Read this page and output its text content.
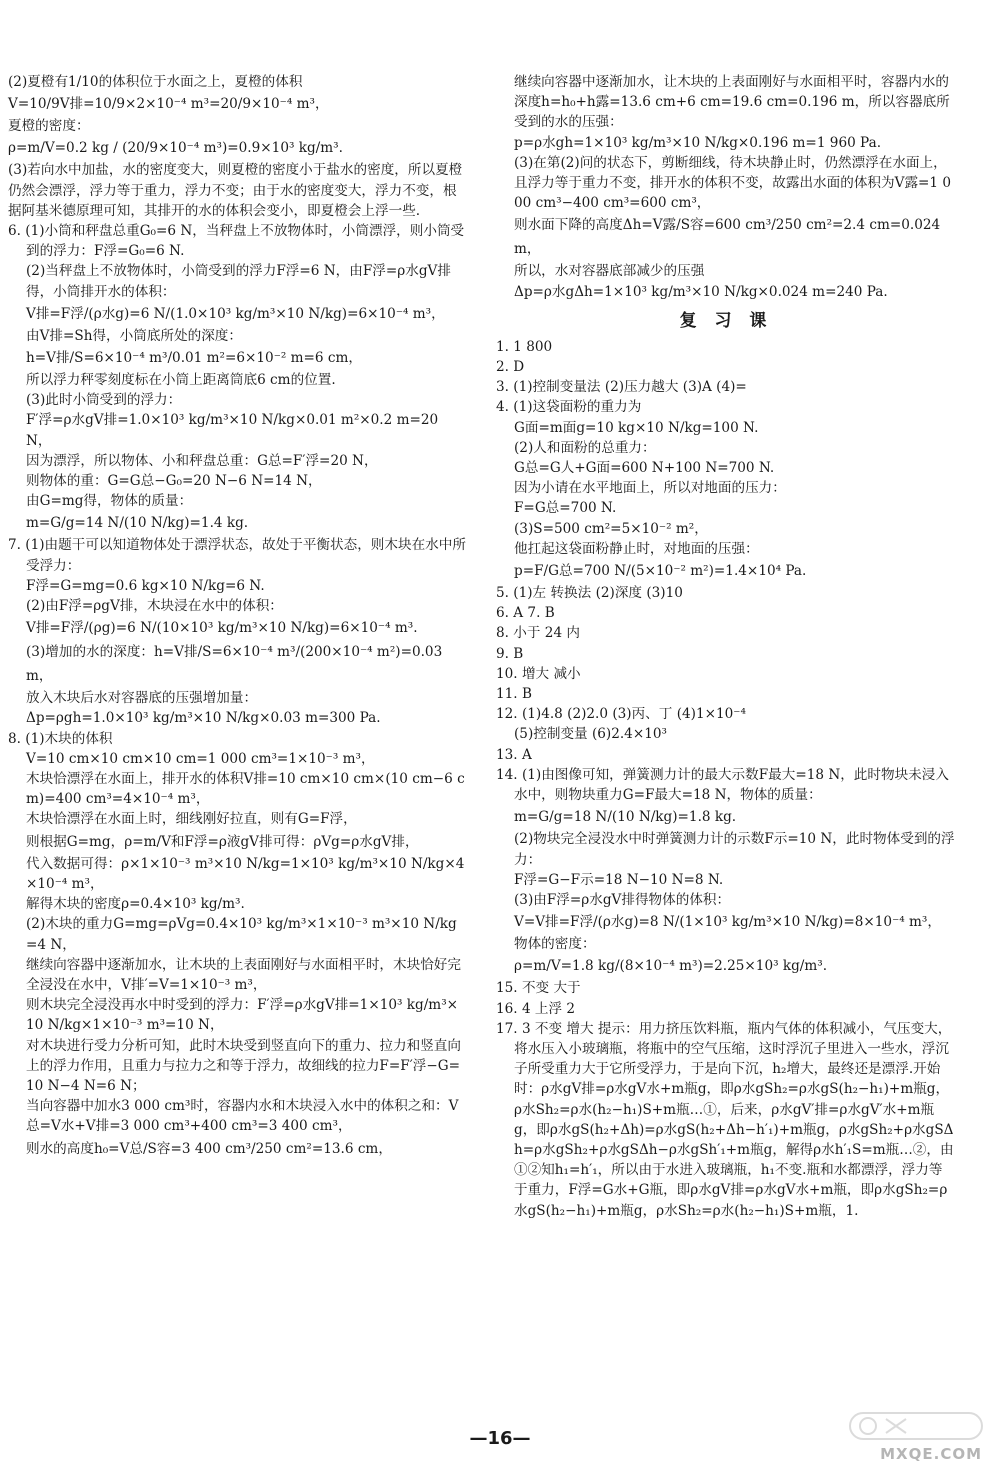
(2)夏橙有1/10的体积位于水面之上，夏橙的体积

V=10/9V排=10/9×2×10⁻⁴ m³=20/9×10⁻⁴ m³，

夏橙的密度：

ρ=m/V=0.2 kg / (20/9×10⁻⁴ m³)=0.9×10³ kg/m³.

(3)若向水中加盐，水的密度变大，则夏橙的密度小于盐水的密度，所以夏橙仍然会漂浮，浮力等于重力，浮力不变；由于水的密度变大，浮力不变，根据阿基米德原理可知，其排开的水的体积会变小，即夏橙会上浮一些.

6. (1)小筒和秤盘总重G₀=6 N，当秤盘上不放物体时，小筒漂浮，则小筒受到的浮力：F浮=G₀=6 N.

(2)当秤盘上不放物体时，小筒受到的浮力F浮=6 N，由F浮=ρ水gV排得，小筒排开水的体积：

V排=F浮/(ρ水g)=6 N/(1.0×10³ kg/m³×10 N/kg)=6×10⁻⁴ m³，

由V排=Sh得，小筒底所处的深度：

h=V排/S=6×10⁻⁴ m³/0.01 m²=6×10⁻² m=6 cm，

所以浮力秤零刻度标在小筒上距离筒底6 cm的位置.

(3)此时小筒受到的浮力：

F′浮=ρ水gV排=1.0×10³ kg/m³×10 N/kg×0.01 m²×0.2 m=20 N，

因为漂浮，所以物体、小和秤盘总重：G总=F′浮=20 N，

则物体的重：G=G总−G₀=20 N−6 N=14 N，

由G=mg得，物体的质量：

m=G/g=14 N/(10 N/kg)=1.4 kg.

7. (1)由题干可以知道物体处于漂浮状态，故处于平衡状态，则木块在水中所受浮力：

F浮=G=mg=0.6 kg×10 N/kg=6 N.

(2)由F浮=ρgV排，木块浸在水中的体积：

V排=F浮/(ρg)=6 N/(10×10³ kg/m³×10 N/kg)=6×10⁻⁴ m³.

(3)增加的水的深度：h=V排/S=6×10⁻⁴ m³/(200×10⁻⁴ m²)=0.03 m，

放入木块后水对容器底的压强增加量：

Δp=ρgh=1.0×10³ kg/m³×10 N/kg×0.03 m=300 Pa.

8. (1)木块的体积

V=10 cm×10 cm×10 cm=1 000 cm³=1×10⁻³ m³，

木块恰漂浮在水面上，排开水的体积V排=10 cm×10 cm×(10 cm−6 cm)=400 cm³=4×10⁻⁴ m³，

木块恰漂浮在水面上时，细线刚好拉直，则有G=F浮，

则根据G=mg，ρ=m/V和F浮=ρ液gV排可得：ρVg=ρ水gV排，

代入数据可得：ρ×1×10⁻³ m³×10 N/kg=1×10³ kg/m³×10 N/kg×4×10⁻⁴ m³，

解得木块的密度ρ=0.4×10³ kg/m³.

(2)木块的重力G=mg=ρVg=0.4×10³ kg/m³×1×10⁻³ m³×10 N/kg=4 N，

继续向容器中逐渐加水，让木块的上表面刚好与水面相平时，木块恰好完全浸没在水中，V排′=V=1×10⁻³ m³，

则木块完全浸没再水中时受到的浮力：F′浮=ρ水gV排=1×10³ kg/m³×10 N/kg×1×10⁻³ m³=10 N，

对木块进行受力分析可知，此时木块受到竖直向下的重力、拉力和竖直向上的浮力作用，且重力与拉力之和等于浮力，故细线的拉力F=F′浮−G=10 N−4 N=6 N；

当向容器中加水3 000 cm³时，容器内水和木块浸入水中的体积之和：V总=V水+V排=3 000 cm³+400 cm³=3 400 cm³，

则水的高度h₀=V总/S容=3 400 cm³/250 cm²=13.6 cm，

继续向容器中逐渐加水，让木块的上表面刚好与水面相平时，容器内水的深度h=h₀+h露=13.6 cm+6 cm=19.6 cm=0.196 m，所以容器底所受到的水的压强：

p=ρ水gh=1×10³ kg/m³×10 N/kg×0.196 m=1 960 Pa.

(3)在第(2)问的状态下，剪断细线，待木块静止时，仍然漂浮在水面上，且浮力等于重力不变，排开水的体积不变，故露出水面的体积为V露=1 000 cm³−400 cm³=600 cm³，

则水面下降的高度Δh=V露/S容=600 cm³/250 cm²=2.4 cm=0.024 m，

所以，水对容器底部减少的压强

Δp=ρ水gΔh=1×10³ kg/m³×10 N/kg×0.024 m=240 Pa.

复 习 课

1. 1 800

2. D

3. (1)控制变量法 (2)压力越大 (3)A (4)=

4. (1)这袋面粉的重力为

G面=m面g=10 kg×10 N/kg=100 N.

(2)人和面粉的总重力：

G总=G人+G面=600 N+100 N=700 N.

因为小请在水平地面上，所以对地面的压力：

F=G总=700 N.

(3)S=500 cm²=5×10⁻² m²，

他扛起这袋面粉静止时，对地面的压强：

p=F/G总=700 N/(5×10⁻² m²)=1.4×10⁴ Pa.

5. (1)左 转换法 (2)深度 (3)10

6. A 7. B

8. 小于 24 内

9. B

10. 增大 减小

11. B

12. (1)4.8 (2)2.0 (3)丙、丁 (4)1×10⁻⁴

(5)控制变量 (6)2.4×10³

13. A

14. (1)由图像可知，弹簧测力计的最大示数F最大=18 N，此时物块未浸入水中，则物块重力G=F最大=18 N，物体的质量：

m=G/g=18 N/(10 N/kg)=1.8 kg.

(2)物块完全浸没水中时弹簧测力计的示数F示=10 N，此时物体受到的浮力：

F浮=G−F示=18 N−10 N=8 N.

(3)由F浮=ρ水gV排得物体的体积：

V=V排=F浮/(ρ水g)=8 N/(1×10³ kg/m³×10 N/kg)=8×10⁻⁴ m³，

物体的密度：

ρ=m/V=1.8 kg/(8×10⁻⁴ m³)=2.25×10³ kg/m³.

15. 不变 大于

16. 4 上浮 2

17. 3 不变 增大 提示：用力挤压饮料瓶，瓶内气体的体积减小，气压变大，将水压入小玻璃瓶，将瓶中的空气压缩，这时浮沉子里进入一些水，浮沉子所受重力大于它所受浮力，于是向下沉，h₂增大，最终还是漂浮.开始时：ρ水gV排=ρ水gV水+m瓶g，即ρ水gSh₂=ρ水gS(h₂−h₁)+m瓶g，ρ水Sh₂=ρ水(h₂−h₁)S+m瓶…①，后来，ρ水gV′排=ρ水gV′水+m瓶g，即ρ水gS(h₂+Δh)=ρ水gS(h₂+Δh−h′₁)+m瓶g，ρ水gSh₂+ρ水gSΔh=ρ水gSh₂+ρ水gSΔh−ρ水gSh′₁+m瓶g，解得ρ水h′₁S=m瓶…②，由①②知h₁=h′₁，所以由于水进入玻璃瓶，h₁不变.瓶和水都漂浮，浮力等于重力，F浮=G水+G瓶，即ρ水gV排=ρ水gV水+m瓶，即ρ水gSh₂=ρ水gS(h₂−h₁)+m瓶g，ρ水Sh₂=ρ水(h₂−h₁)S+m瓶，1.

—16—
MXQE.COM
